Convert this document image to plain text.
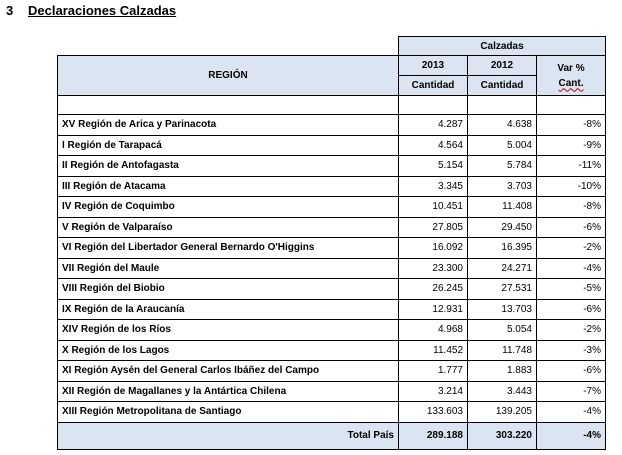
3 Declaraciones Calzadas
	Calzadas		
REGIÓN	2013	2012	Var %
Cant.
	Cantidad	Cantidad	

XV Región de Arica y Parinacota	4.287	4.638	-8%
I Región de Tarapacá	4.564	5.004	-9%
II Región de Antofagasta	5.154	5.784	-11%
III Región de Atacama	3.345	3.703	-10%
IV Región de Coquimbo	10.451	11.408	-8%
V Región de Valparaíso	27.805	29.450	-6%
VI Región del Libertador General Bernardo O'Higgins	16.092	16.395	-2%
VII Región del Maule	23.300	24.271	-4%
VIII Región del Biobio	26.245	27.531	-5%
IX Región de la Araucanía	12.931	13.703	-6%
XIV Región de los Ríos	4.968	5.054	-2%
X Región de los Lagos	11.452	11.748	-3%
XI Región Aysén del General Carlos Ibáñez del Campo	1.777	1.883	-6%
XII Región de Magallanes y la Antártica Chilena	3.214	3.443	-7%
XIII Región Metropolitana de Santiago	133.603	139.205	-4%
Total País	289.188	303.220	-4%
